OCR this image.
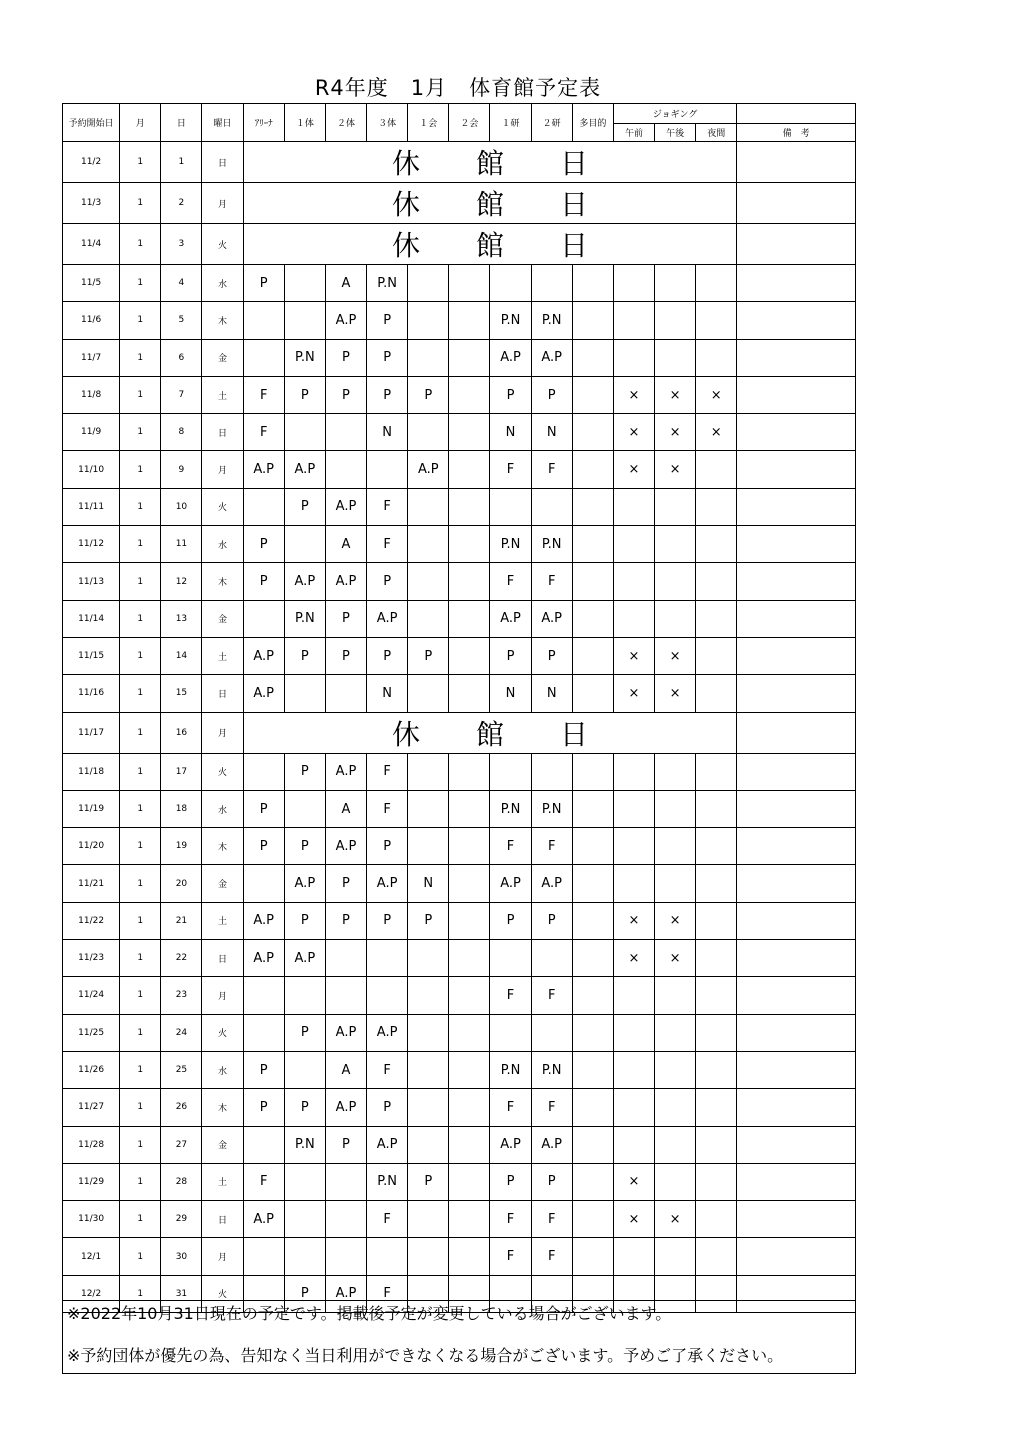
R4年度　1月　体育館予定表
予約開始日	月	日	曜日	ｱﾘｰﾅ	１体	２体	３体	１会	２会	１研	２研	多目的	ジョギング			
													午前	午後	夜間	備　考
11/2	1	1	日	休館日												
11/3	1	2	月	休館日												
11/4	1	3	火	休館日												
11/5	1	4	水	P		A	P.N									
11/6	1	5	木			A.P	P			P.N	P.N					
11/7	1	6	金		P.N	P	P			A.P	A.P					
11/8	1	7	土	F	P	P	P	P		P	P		×	×	×	
11/9	1	8	日	F			N			N	N		×	×	×	
11/10	1	9	月	A.P	A.P			A.P		F	F		×	×		
11/11	1	10	火		P	A.P	F									
11/12	1	11	水	P		A	F			P.N	P.N					
11/13	1	12	木	P	A.P	A.P	P			F	F					
11/14	1	13	金		P.N	P	A.P			A.P	A.P					
11/15	1	14	土	A.P	P	P	P	P		P	P		×	×		
11/16	1	15	日	A.P			N			N	N		×	×		
11/17	1	16	月	休館日												
11/18	1	17	火		P	A.P	F									
11/19	1	18	水	P		A	F			P.N	P.N					
11/20	1	19	木	P	P	A.P	P			F	F					
11/21	1	20	金		A.P	P	A.P	N		A.P	A.P					
11/22	1	21	土	A.P	P	P	P	P		P	P		×	×		
11/23	1	22	日	A.P	A.P								×	×		
11/24	1	23	月							F	F					
11/25	1	24	火		P	A.P	A.P									
11/26	1	25	水	P		A	F			P.N	P.N					
11/27	1	26	木	P	P	A.P	P			F	F					
11/28	1	27	金		P.N	P	A.P			A.P	A.P					
11/29	1	28	土	F			P.N	P		P	P		×			
11/30	1	29	日	A.P			F			F	F		×	×		
12/1	1	30	月							F	F					
12/2	1	31	火		P	A.P	F									
※2022年10月31日現在の予定です。掲載後予定が変更している場合がございます。
※予約団体が優先の為、告知なく当日利用ができなくなる場合がございます。予めご了承ください。
